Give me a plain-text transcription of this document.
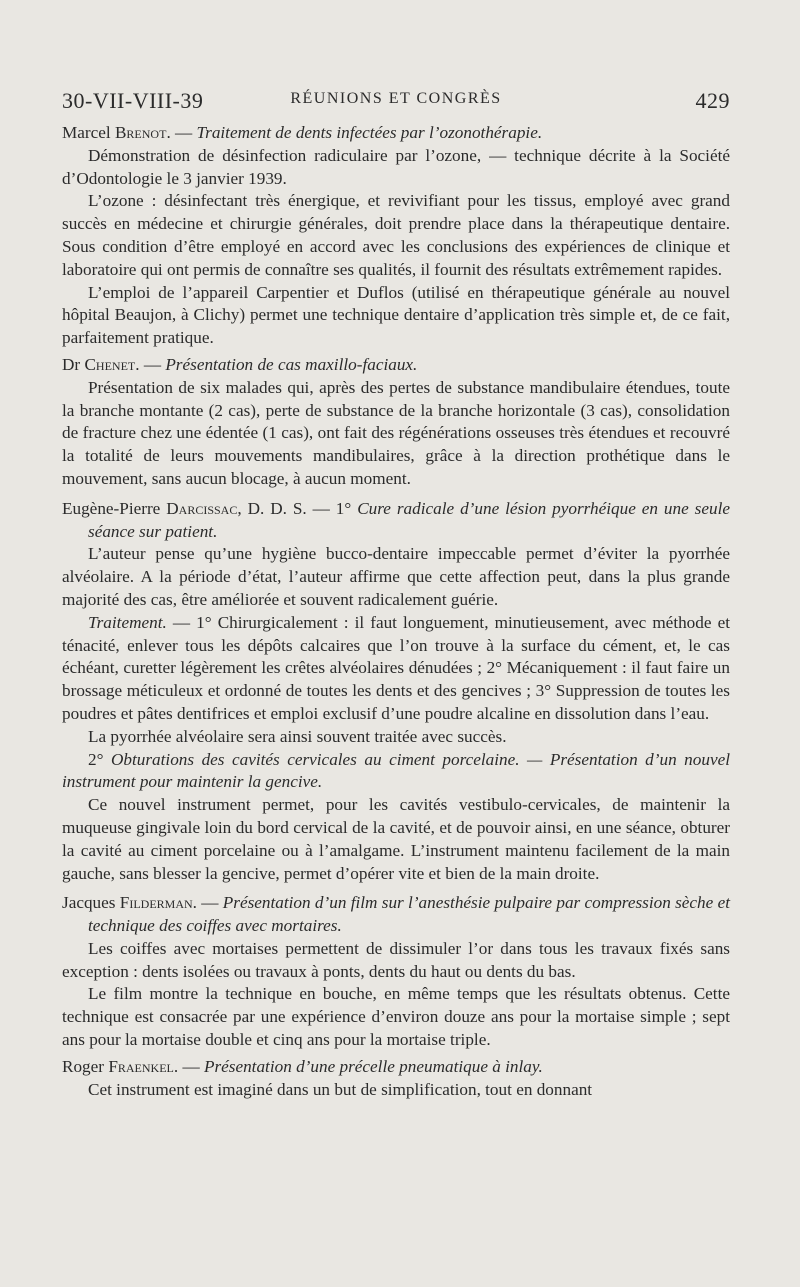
30-VII-VIII-39	RÉUNIONS ET CONGRÈS	429

Marcel Brenot. — Traitement de dents infectées par l’ozonothérapie.

Démonstration de désinfection radiculaire par l’ozone, — technique décrite à la Société d’Odontologie le 3 janvier 1939.

L’ozone : désinfectant très énergique, et revivifiant pour les tissus, employé avec grand succès en médecine et chirurgie générales, doit prendre place dans la thérapeutique dentaire. Sous condition d’être employé en accord avec les conclusions des expériences de clinique et laboratoire qui ont permis de connaître ses qualités, il fournit des résultats extrêmement rapides.

L’emploi de l’appareil Carpentier et Duflos (utilisé en thérapeutique générale au nouvel hôpital Beaujon, à Clichy) permet une technique dentaire d’application très simple et, de ce fait, parfaitement pratique.

Dr Chenet. — Présentation de cas maxillo-faciaux.

Présentation de six malades qui, après des pertes de substance mandibulaire étendues, toute la branche montante (2 cas), perte de substance de la branche horizontale (3 cas), consolidation de fracture chez une édentée (1 cas), ont fait des régénérations osseuses très étendues et recouvré la totalité de leurs mouvements mandibulaires, grâce à la direction prothétique dans le mouvement, sans aucun blocage, à aucun moment.

Eugène-Pierre Darcissac, D. D. S. — 1° Cure radicale d’une lésion pyorrhéique en une seule séance sur patient.

L’auteur pense qu’une hygiène bucco-dentaire impeccable permet d’éviter la pyorrhée alvéolaire. A la période d’état, l’auteur affirme que cette affection peut, dans la plus grande majorité des cas, être améliorée et souvent radicalement guérie.

Traitement. — 1° Chirurgicalement : il faut longuement, minutieusement, avec méthode et ténacité, enlever tous les dépôts calcaires que l’on trouve à la surface du cément, et, le cas échéant, curetter légèrement les crêtes alvéolaires dénudées ; 2° Mécaniquement : il faut faire un brossage méticuleux et ordonné de toutes les dents et des gencives ; 3° Suppression de toutes les poudres et pâtes dentifrices et emploi exclusif d’une poudre alcaline en dissolution dans l’eau.

La pyorrhée alvéolaire sera ainsi souvent traitée avec succès.

2° Obturations des cavités cervicales au ciment porcelaine. — Présentation d’un nouvel instrument pour maintenir la gencive.

Ce nouvel instrument permet, pour les cavités vestibulo-cervicales, de maintenir la muqueuse gingivale loin du bord cervical de la cavité, et de pouvoir ainsi, en une séance, obturer la cavité au ciment porcelaine ou à l’amalgame. L’instrument maintenu facilement de la main gauche, sans blesser la gencive, permet d’opérer vite et bien de la main droite.

Jacques Filderman. — Présentation d’un film sur l’anesthésie pulpaire par compression sèche et technique des coiffes avec mortaires.

Les coiffes avec mortaises permettent de dissimuler l’or dans tous les travaux fixés sans exception : dents isolées ou travaux à ponts, dents du haut ou dents du bas.

Le film montre la technique en bouche, en même temps que les résultats obtenus. Cette technique est consacrée par une expérience d’environ douze ans pour la mortaise simple ; sept ans pour la mortaise double et cinq ans pour la mortaise triple.

Roger Fraenkel. — Présentation d’une précelle pneumatique à inlay.

Cet instrument est imaginé dans un but de simplification, tout en donnant
